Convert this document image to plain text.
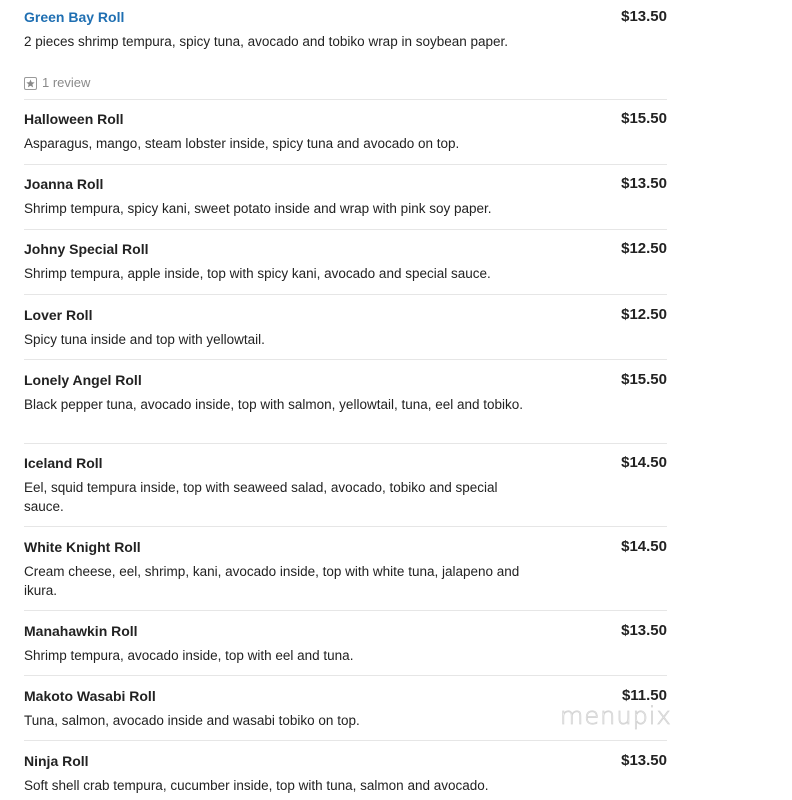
Green Bay Roll	$13.50
2 pieces shrimp tempura, spicy tuna, avocado and tobiko wrap in soybean paper.
1 review
Halloween Roll	$15.50
Asparagus, mango, steam lobster inside, spicy tuna and avocado on top.
Joanna Roll	$13.50
Shrimp tempura, spicy kani, sweet potato inside and wrap with pink soy paper.
Johny Special Roll	$12.50
Shrimp tempura, apple inside, top with spicy kani, avocado and special sauce.
Lover Roll	$12.50
Spicy tuna inside and top with yellowtail.
Lonely Angel Roll	$15.50
Black pepper tuna, avocado inside, top with salmon, yellowtail, tuna, eel and tobiko.
Iceland Roll	$14.50
Eel, squid tempura inside, top with seaweed salad, avocado, tobiko and special sauce.
White Knight Roll	$14.50
Cream cheese, eel, shrimp, kani, avocado inside, top with white tuna, jalapeno and ikura.
Manahawkin Roll	$13.50
Shrimp tempura, avocado inside, top with eel and tuna.
Makoto Wasabi Roll	$11.50
Tuna, salmon, avocado inside and wasabi tobiko on top.
Ninja Roll	$13.50
Soft shell crab tempura, cucumber inside, top with tuna, salmon and avocado.
menupix
